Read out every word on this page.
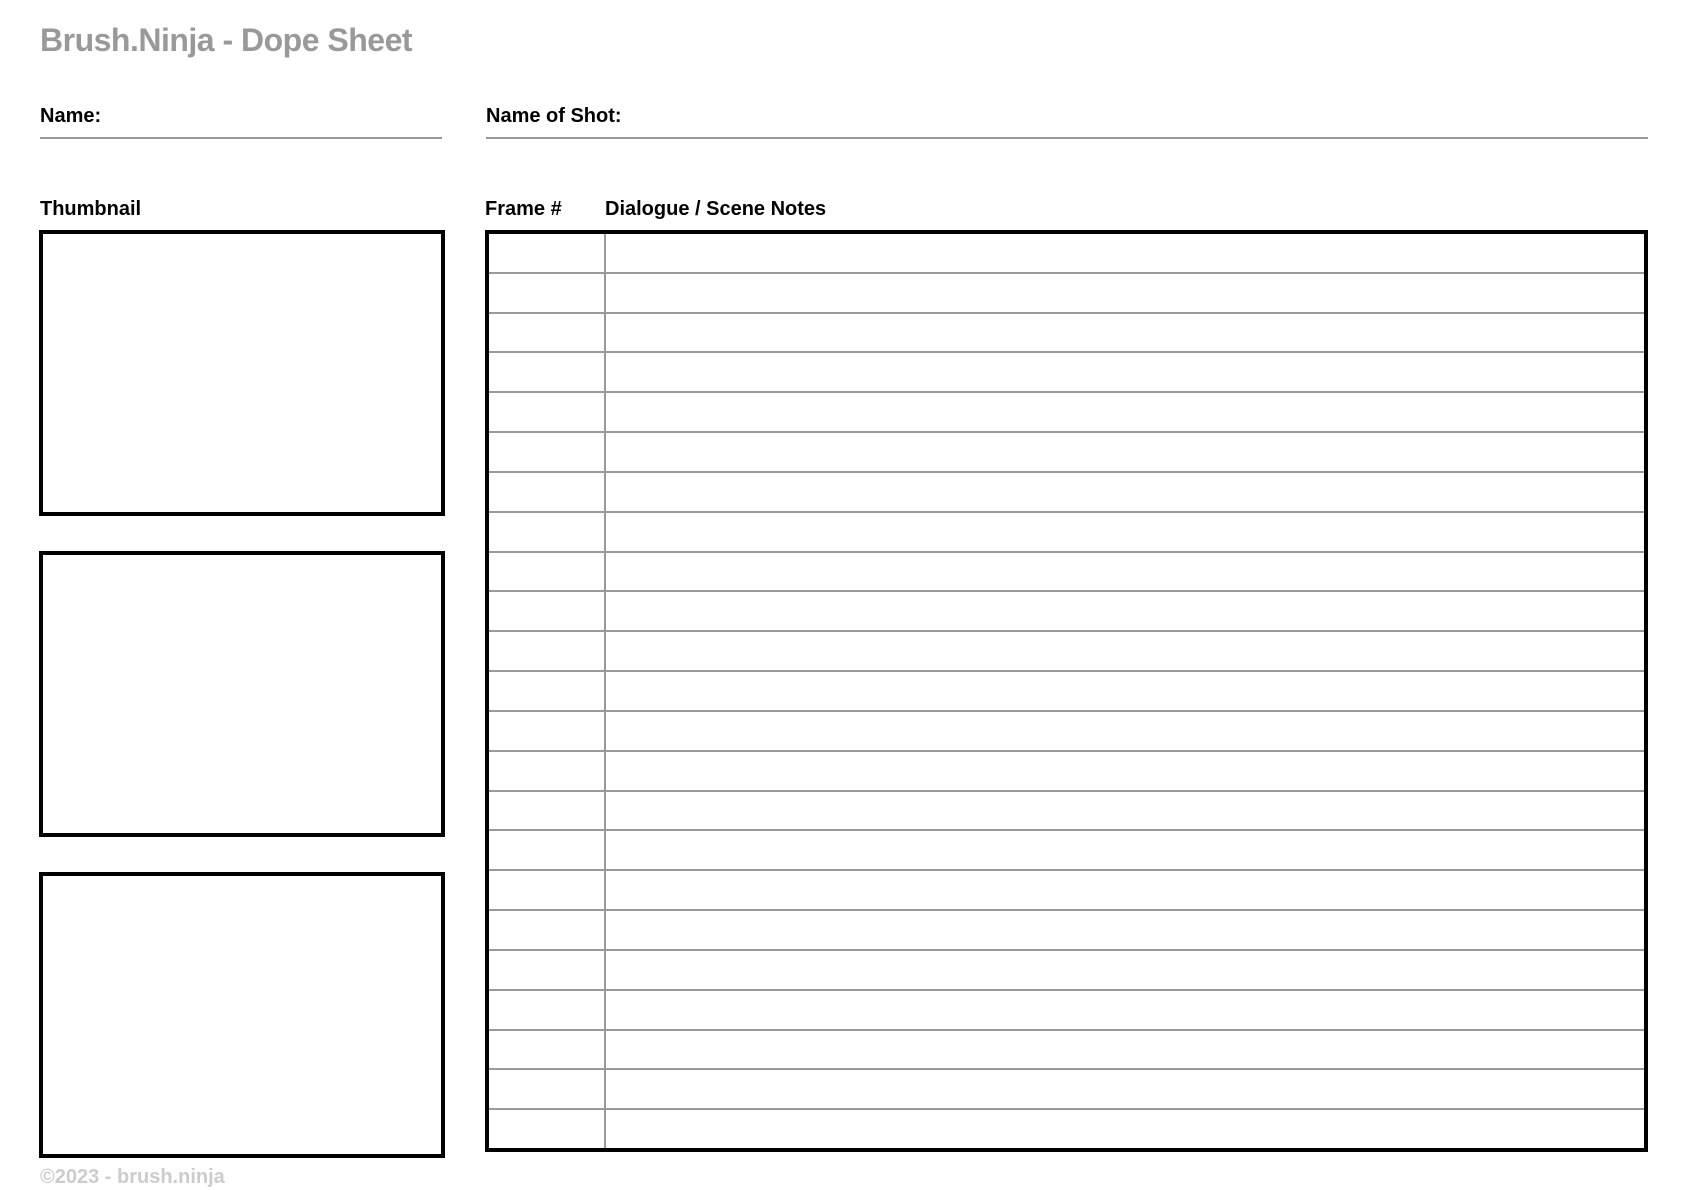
Brush.Ninja - Dope Sheet
Name:	Name of Shot:
Thumbnail	Frame # Dialogue / Scene Notes
©2023 - brush.ninja
